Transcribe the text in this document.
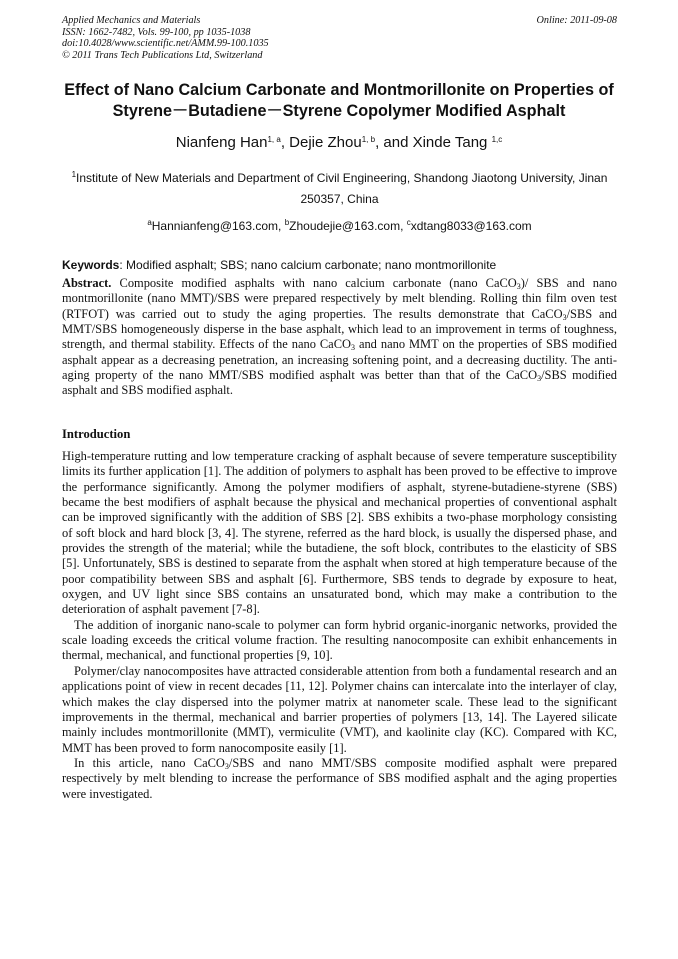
Applied Mechanics and Materials
ISSN: 1662-7482, Vols. 99-100, pp 1035-1038
doi:10.4028/www.scientific.net/AMM.99-100.1035
© 2011 Trans Tech Publications Ltd, Switzerland
Online: 2011-09-08
Effect of Nano Calcium Carbonate and Montmorillonite on Properties of
Styrene－Butadiene－Styrene Copolymer Modified Asphalt
Nianfeng Han$^{1, a}$, Dejie Zhou$^{1, b}$, and Xinde Tang $^{1,c}$
$^1$Institute of New Materials and Department of Civil Engineering, Shandong Jiaotong University, Jinan 250357, China
$^a$Hannianfeng@163.com, $^b$Zhoudejie@163.com, $^c$xdtang8033@163.com
Keywords: Modified asphalt; SBS; nano calcium carbonate; nano montmorillonite
Abstract. Composite modified asphalts with nano calcium carbonate (nano CaCO$_3$)/ SBS and nano montmorillonite (nano MMT)/SBS were prepared respectively by melt blending. Rolling thin film oven test (RTFOT) was carried out to study the aging properties. The results demonstrate that CaCO$_3$/SBS and MMT/SBS homogeneously disperse in the base asphalt, which lead to an improvement in terms of toughness, strength, and thermal stability. Effects of the nano CaCO$_3$ and nano MMT on the properties of SBS modified asphalt appear as a decreasing penetration, an increasing softening point, and a decreasing ductility. The anti-aging property of the nano MMT/SBS modified asphalt was better than that of the CaCO$_3$/SBS modified asphalt and SBS modified asphalt.
Introduction

High-temperature rutting and low temperature cracking of asphalt because of severe temperature susceptibility limits its further application [1]. The addition of polymers to asphalt has been proved to be effective to improve the performance significantly. Among the polymer modifiers of asphalt, styrene-butadiene-styrene (SBS) became the best modifiers of asphalt because the physical and mechanical properties of conventional asphalt can be improved significantly with the addition of SBS [2]. SBS exhibits a two-phase morphology consisting of soft block and hard block [3, 4]. The styrene, referred as the hard block, is usually the dispersed phase, and provides the strength of the material; while the butadiene, the soft block, contributes to the elasticity of SBS [5]. Unfortunately, SBS is destined to separate from the asphalt when stored at high temperature because of the poor compatibility between SBS and asphalt [6]. Furthermore, SBS tends to degrade by exposure to heat, oxygen, and UV light since SBS contains an unsaturated bond, which may make a contribution to the deterioration of asphalt pavement [7-8].

The addition of inorganic nano-scale to polymer can form hybrid organic-inorganic networks, provided the scale loading exceeds the critical volume fraction. The resulting nanocomposite can exhibit enhancements in thermal, mechanical, and functional properties [9, 10].

Polymer/clay nanocomposites have attracted considerable attention from both a fundamental research and an applications point of view in recent decades [11, 12]. Polymer chains can intercalate into the interlayer of clay, which makes the clay dispersed into the polymer matrix at nanometer scale. These lead to the significant improvements in the thermal, mechanical and barrier properties of polymers [13, 14]. The Layered silicate mainly includes montmorillonite (MMT), vermiculite (VMT), and kaolinite clay (KC). Compared with KC, MMT has been proved to form nanocomposite easily [1].

In this article, nano CaCO$_3$/SBS and nano MMT/SBS composite modified asphalt were prepared respectively by melt blending to increase the performance of SBS modified asphalt and the aging properties were investigated.
